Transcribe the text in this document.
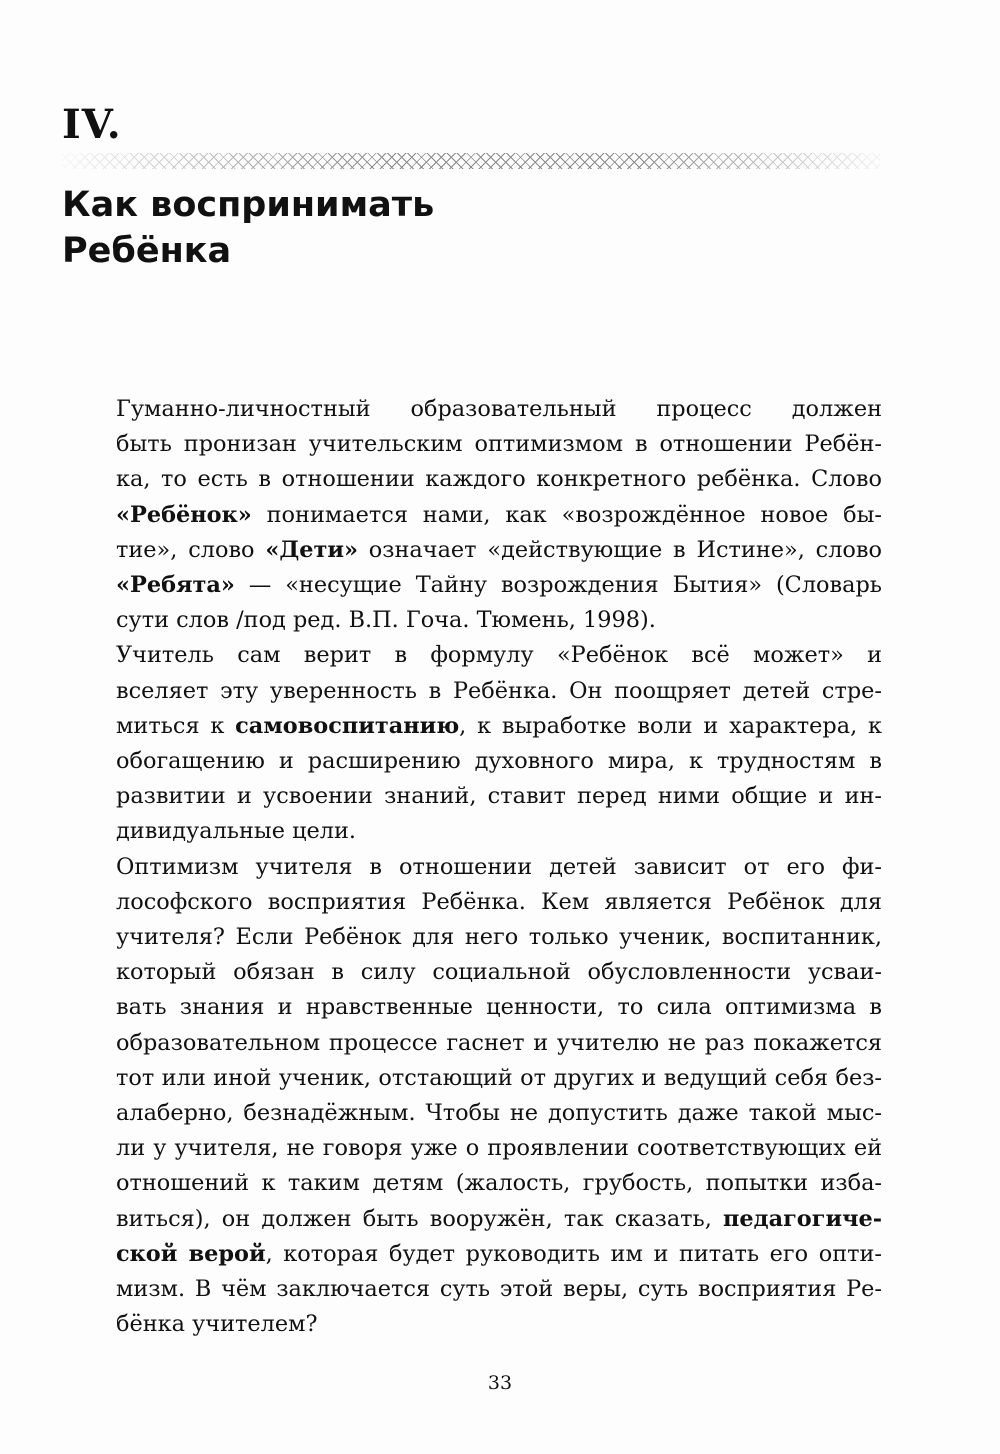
IV.
Как воспринимать
Ребёнка

Гуманно-личностный образовательный процесс должен
быть пронизан учительским оптимизмом в отношении Ребён-
ка, то есть в отношении каждого конкретного ребёнка. Слово
«Ребёнок» понимается нами, как «возрождённое новое бы-
тие», слово «Дети» означает «действующие в Истине», слово
«Ребята» — «несущие Тайну возрождения Бытия» (Словарь
сути слов /под ред. В.П. Гоча. Тюмень, 1998).

Учитель сам верит в формулу «Ребёнок всё может» и
вселяет эту уверенность в Ребёнка. Он поощряет детей стре-
миться к самовоспитанию, к выработке воли и характера, к
обогащению и расширению духовного мира, к трудностям в
развитии и усвоении знаний, ставит перед ними общие и ин-
дивидуальные цели.

Оптимизм учителя в отношении детей зависит от его фи-
лософского восприятия Ребёнка. Кем является Ребёнок для
учителя? Если Ребёнок для него только ученик, воспитанник,
который обязан в силу социальной обусловленности усваи-
вать знания и нравственные ценности, то сила оптимизма в
образовательном процессе гаснет и учителю не раз покажется
тот или иной ученик, отстающий от других и ведущий себя без-
алаберно, безнадёжным. Чтобы не допустить даже такой мыс-
ли у учителя, не говоря уже о проявлении соответствующих ей
отношений к таким детям (жалость, грубость, попытки изба-
виться), он должен быть вооружён, так сказать, педагогиче-
ской верой, которая будет руководить им и питать его опти-
мизм. В чём заключается суть этой веры, суть восприятия Ре-
бёнка учителем?

33
